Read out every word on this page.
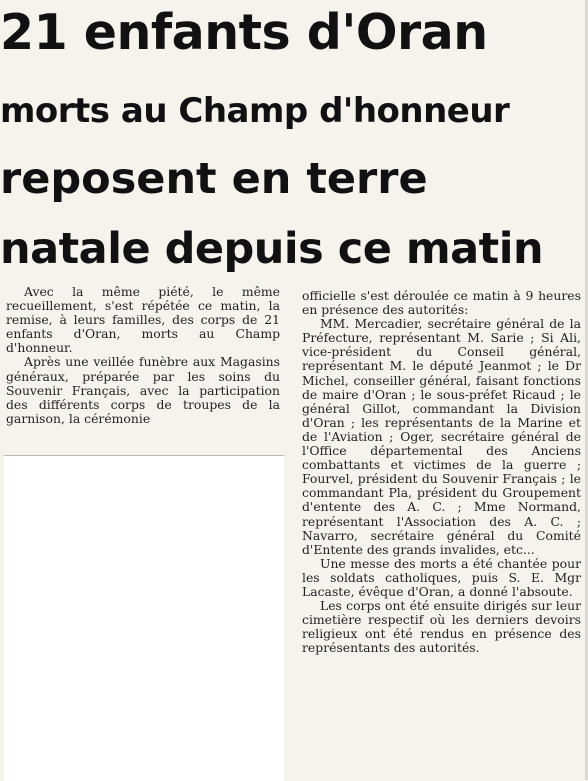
21 enfants d'Oran
morts au Champ d'honneur
reposent en terre
natale depuis ce matin

Avec la même piété, le même recueillement, s'est répétée ce matin, la remise, à leurs familles, des corps de 21 enfants d'Oran, morts au Champ d'honneur.

Après une veillée funèbre aux Magasins généraux, préparée par les soins du Souvenir Français, avec la participation des différents corps de troupes de la garnison, la cérémonie

officielle s'est déroulée ce matin à 9 heures en présence des autorités:

MM. Mercadier, secrétaire général de la Préfecture, représentant M. Sarie ; Si Ali, vice-président du Conseil général, représentant M. le député Jeanmot ; le Dr Michel, conseiller général, faisant fonctions de maire d'Oran ; le sous-préfet Ricaud ; le général Gillot, commandant la Division d'Oran ; les représentants de la Marine et de l'Aviation ; Oger, secrétaire général de l'Office départemental des Anciens combattants et victimes de la guerre ; Fourvel, président du Souvenir Français ; le commandant Pla, président du Groupement d'entente des A. C. ; Mme Normand, représentant l'Association des A. C. ; Navarro, secrétaire général du Comité d'Entente des grands invalides, etc...

Une messe des morts a été chantée pour les soldats catholiques, puis S. E. Mgr Lacaste, évêque d'Oran, a donné l'absoute.

Les corps ont été ensuite dirigés sur leur cimetière respectif où les derniers devoirs religieux ont été rendus en présence des représentants des autorités.
